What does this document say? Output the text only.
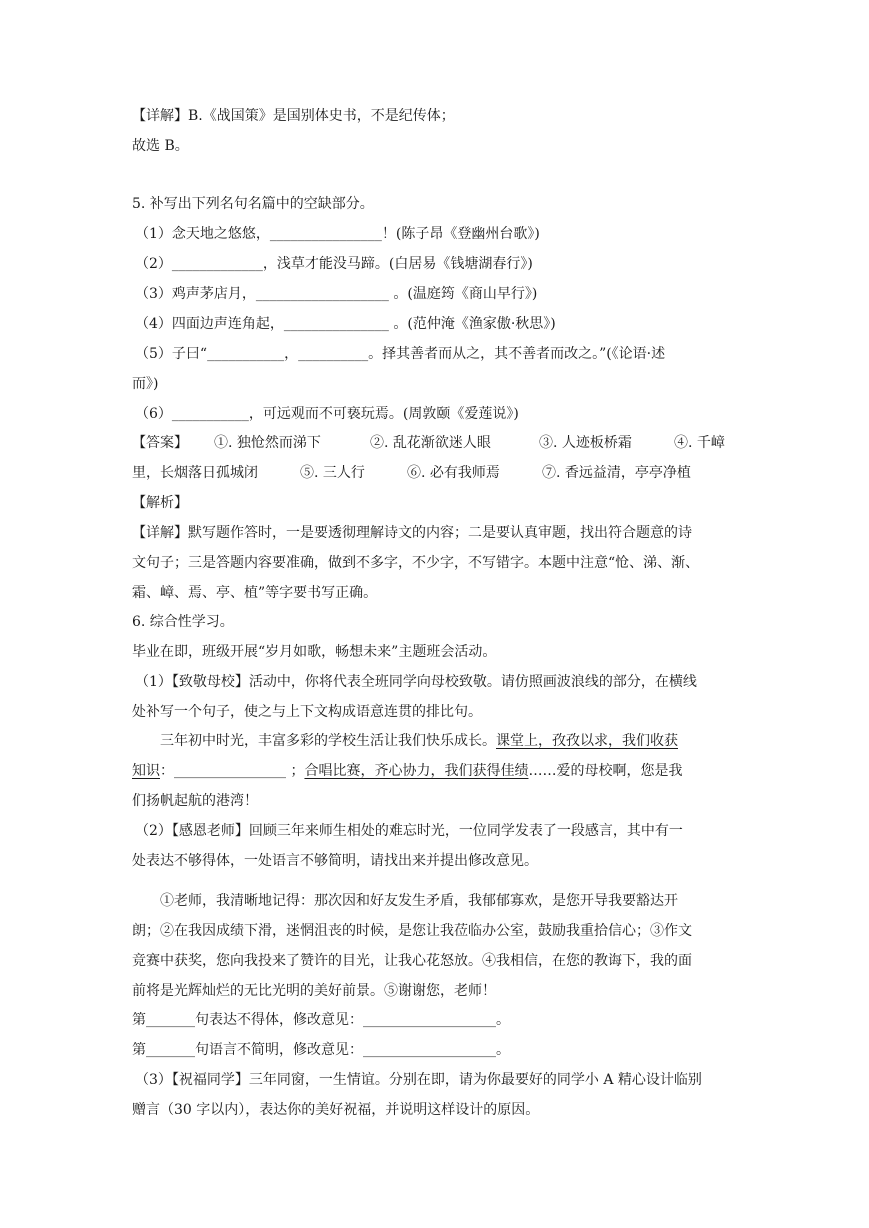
【详解】B.《战国策》是国别体史书，不是纪传体；
故选 B。
5. 补写出下列名句名篇中的空缺部分。
（1）念天地之悠悠，________________！(陈子昂《登幽州台歌》)
（2）_____________，浅草才能没马蹄。(白居易《钱塘湖春行》)
（3）鸡声茅店月，___________________ 。(温庭筠《商山早行》)
（4）四面边声连角起，_______________ 。(范仲淹《渔家傲·秋思》)
（5）子曰“___________，__________。择其善者而从之，其不善者而改之。”(《论语·述
而》)
（6）___________，可远观而不可亵玩焉。(周敦颐《爱莲说》)
【答案】 ①. 独怆然而涕下	②. 乱花渐欲迷人眼	③. 人迹板桥霜	④. 千嶂
里，长烟落日孤城闭	⑤. 三人行	⑥. 必有我师焉	⑦. 香远益清，亭亭净植
【解析】
【详解】默写题作答时，一是要透彻理解诗文的内容；二是要认真审题，找出符合题意的诗
文句子；三是答题内容要准确，做到不多字，不少字，不写错字。本题中注意“怆、涕、渐、
霜、嶂、焉、亭、植”等字要书写正确。
6. 综合性学习。
毕业在即，班级开展“岁月如歌，畅想未来”主题班会活动。
（1）【致敬母校】活动中，你将代表全班同学向母校致敬。请仿照画波浪线的部分，在横线
处补写一个句子，使之与上下文构成语意连贯的排比句。
三年初中时光，丰富多彩的学校生活让我们快乐成长。课堂上，孜孜以求，我们收获
知识：________________ ；合唱比赛，齐心协力，我们获得佳绩……爱的母校啊，您是我
们扬帆起航的港湾！
（2）【感恩老师】回顾三年来师生相处的难忘时光，一位同学发表了一段感言，其中有一
处表达不够得体，一处语言不够简明，请找出来并提出修改意见。
①老师，我清晰地记得：那次因和好友发生矛盾，我郁郁寡欢，是您开导我要豁达开
朗；②在我因成绩下滑，迷惘沮丧的时候，是您让我莅临办公室，鼓励我重拾信心；③作文
竞赛中获奖，您向我投来了赞许的目光，让我心花怒放。④我相信，在您的教诲下，我的面
前将是光辉灿烂的无比光明的美好前景。⑤谢谢您，老师！
第_______句表达不得体，修改意见：___________________。
第_______句语言不简明，修改意见：___________________。
（3）【祝福同学】三年同窗，一生情谊。分别在即，请为你最要好的同学小 A 精心设计临别
赠言（30 字以内），表达你的美好祝福，并说明这样设计的原因。
